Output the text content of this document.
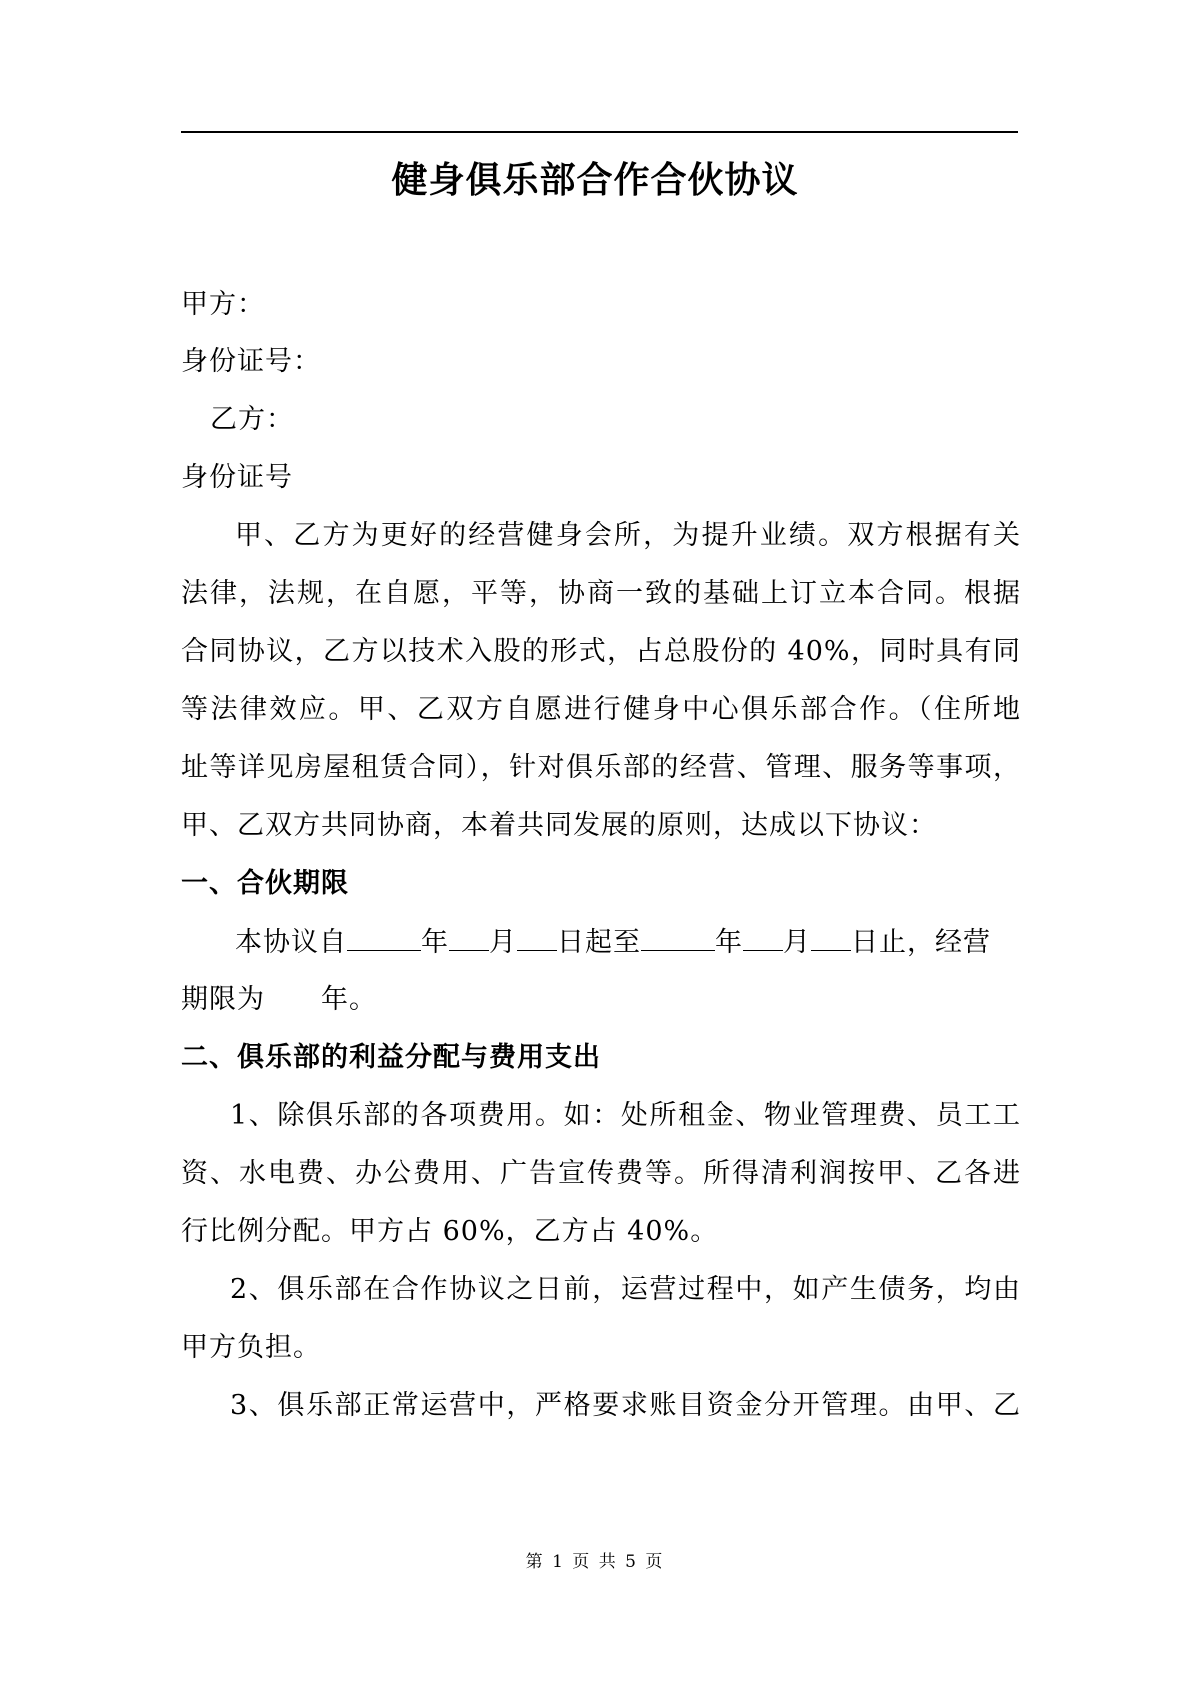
健身俱乐部合作合伙协议
甲方：
身份证号：
乙方：
身份证号
甲、乙方为更好的经营健身会所，为提升业绩。双方根据有关
法律，法规，在自愿，平等，协商一致的基础上订立本合同。根据
合同协议，乙方以技术入股的形式，占总股份的 40%，同时具有同
等法律效应。甲、乙双方自愿进行健身中心俱乐部合作。（住所地
址等详见房屋租赁合同），针对俱乐部的经营、管理、服务等事项，
甲、乙双方共同协商，本着共同发展的原则，达成以下协议：
一、合伙期限
本协议自	年 月 日起至	年 月 日止，经营
期限为 年。
二、俱乐部的利益分配与费用支出
1、除俱乐部的各项费用。如：处所租金、物业管理费、员工工
资、水电费、办公费用、广告宣传费等。所得清利润按甲、乙各进
行比例分配。甲方占 60%，乙方占 40%。
2、俱乐部在合作协议之日前，运营过程中，如产生债务，均由
甲方负担。
3、俱乐部正常运营中，严格要求账目资金分开管理。由甲、乙
第 1 页 共 5 页
